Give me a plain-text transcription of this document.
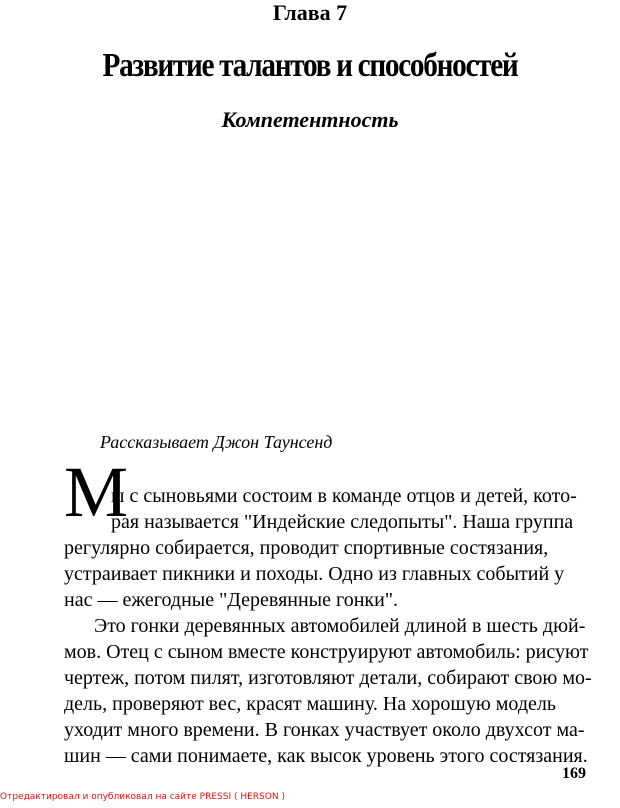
Глава 7
Развитие талантов и способностей
Компетентность
Рассказывает Джон Таунсенд
М
ы с сыновьями состоим в команде отцов и детей, кото-
рая называется "Индейские следопыты". Наша группа
регулярно собирается, проводит спортивные состязания,
устраивает пикники и походы. Одно из главных событий у
нас — ежегодные "Деревянные гонки".
Это гонки деревянных автомобилей длиной в шесть дюй-
мов. Отец с сыном вместе конструируют автомобиль: рисуют
чертеж, потом пилят, изготовляют детали, собирают свою мо-
дель, проверяют вес, красят машину. На хорошую модель
уходит много времени. В гонках участвует около двухсот ма-
шин — сами понимаете, как высок уровень этого состязания.
169
Отредактировал и опубликовал на сайте PRESSI ( HERSON )
